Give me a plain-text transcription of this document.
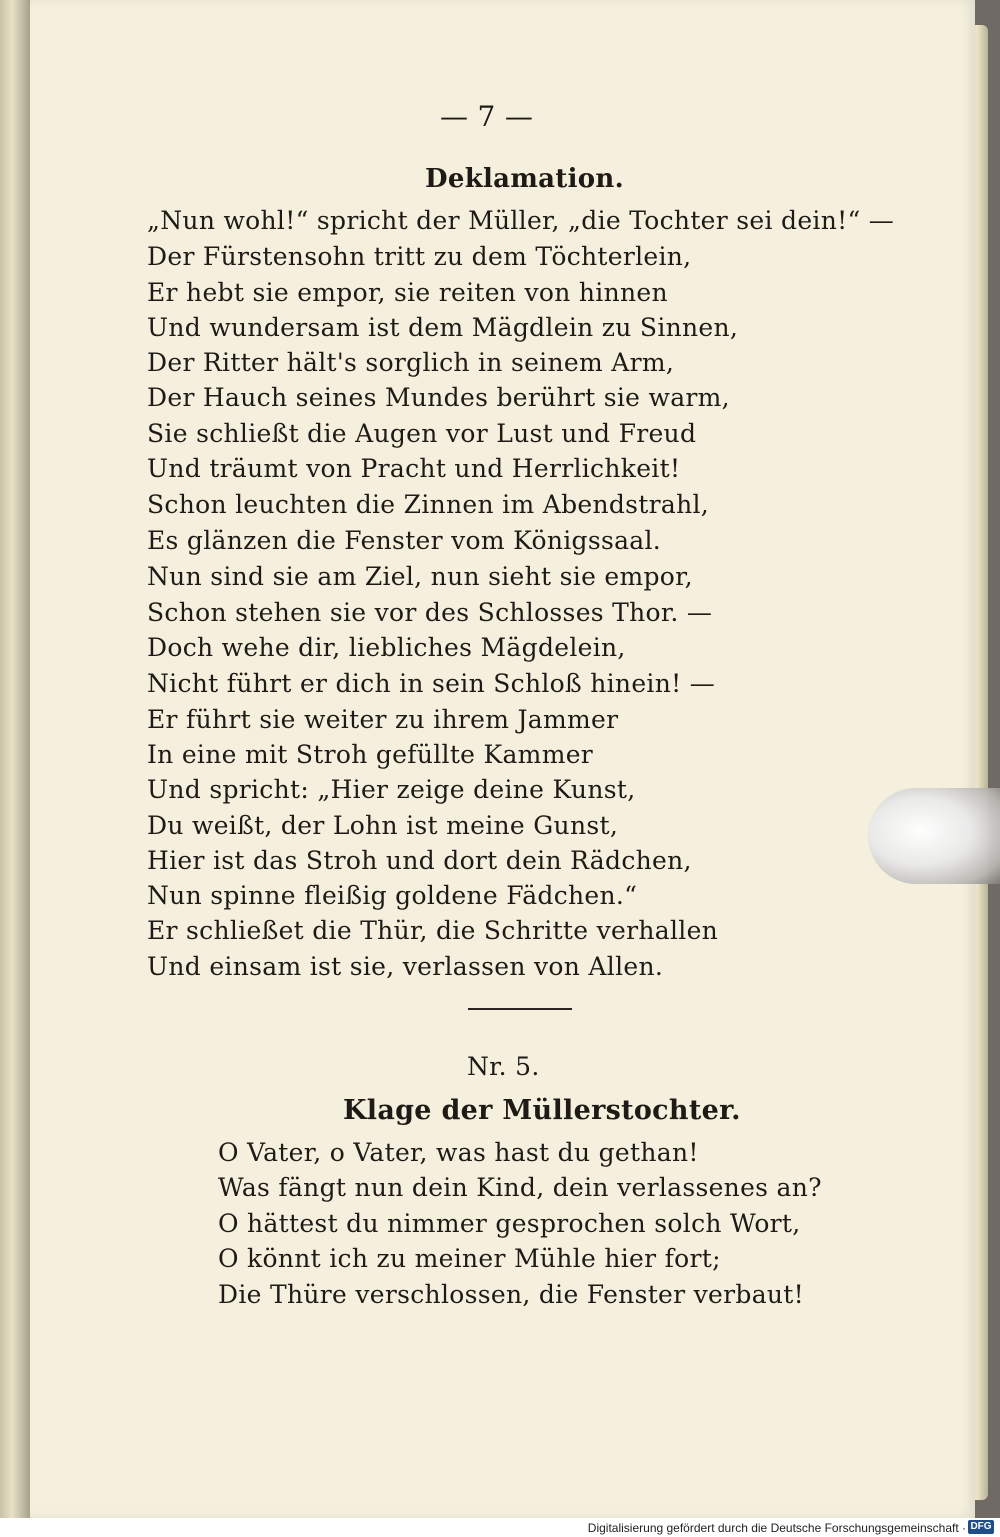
— 7 —
Deklamation.
„Nun wohl!“ spricht der Müller, „die Tochter sei dein!“ —
Der Fürstensohn tritt zu dem Töchterlein,
Er hebt sie empor, sie reiten von hinnen
Und wundersam ist dem Mägdlein zu Sinnen,
Der Ritter hält's sorglich in seinem Arm,
Der Hauch seines Mundes berührt sie warm,
Sie schließt die Augen vor Lust und Freud
Und träumt von Pracht und Herrlichkeit!
Schon leuchten die Zinnen im Abendstrahl,
Es glänzen die Fenster vom Königssaal.
Nun sind sie am Ziel, nun sieht sie empor,
Schon stehen sie vor des Schlosses Thor. —
Doch wehe dir, liebliches Mägdelein,
Nicht führt er dich in sein Schloß hinein! —
Er führt sie weiter zu ihrem Jammer
In eine mit Stroh gefüllte Kammer
Und spricht: „Hier zeige deine Kunst,
Du weißt, der Lohn ist meine Gunst,
Hier ist das Stroh und dort dein Rädchen,
Nun spinne fleißig goldene Fädchen.“
Er schließet die Thür, die Schritte verhallen
Und einsam ist sie, verlassen von Allen.
Nr. 5.
Klage der Müllerstochter.
O Vater, o Vater, was hast du gethan!
Was fängt nun dein Kind, dein verlassenes an?
O hättest du nimmer gesprochen solch Wort,
O könnt ich zu meiner Mühle hier fort;
Die Thüre verschlossen, die Fenster verbaut!
Digitalisierung gefördert durch die Deutsche Forschungsgemeinschaft · DFG
